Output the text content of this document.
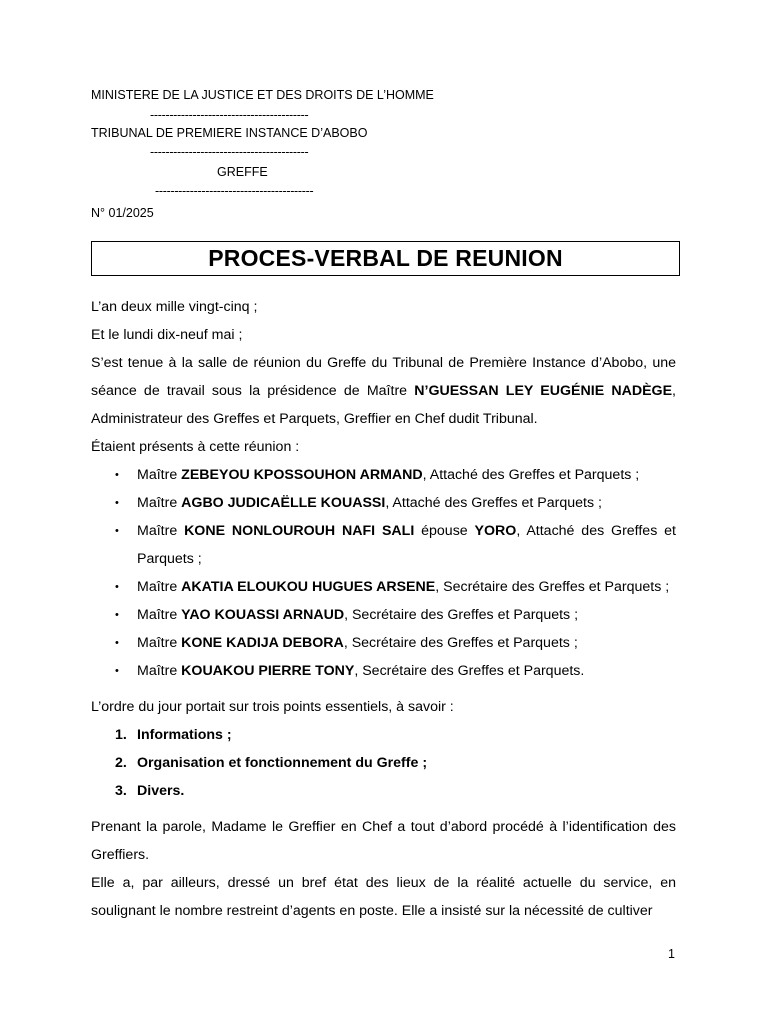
MINISTERE DE LA JUSTICE ET DES DROITS DE L’HOMME
-----------------------------------------
TRIBUNAL DE PREMIERE INSTANCE D’ABOBO
-----------------------------------------
GREFFE
-----------------------------------------
N° 01/2025
PROCES-VERBAL DE REUNION

L’an deux mille vingt-cinq ;

Et le lundi dix-neuf mai ;

S’est tenue à la salle de réunion du Greffe du Tribunal de Première Instance d’Abobo, une séance de travail sous la présidence de Maître N’GUESSAN LEY EUGÉNIE NADÈGE, Administrateur des Greffes et Parquets, Greffier en Chef dudit Tribunal.

Étaient présents à cette réunion :

• Maître ZEBEYOU KPOSSOUHON ARMAND, Attaché des Greffes et Parquets ;
• Maître AGBO JUDICAËLLE KOUASSI, Attaché des Greffes et Parquets ;
• Maître KONE NONLOUROUH NAFI SALI épouse YORO, Attaché des Greffes et Parquets ;
• Maître AKATIA ELOUKOU HUGUES ARSENE, Secrétaire des Greffes et Parquets ;
• Maître YAO KOUASSI ARNAUD, Secrétaire des Greffes et Parquets ;
• Maître KONE KADIJA DEBORA, Secrétaire des Greffes et Parquets ;
• Maître KOUAKOU PIERRE TONY, Secrétaire des Greffes et Parquets.

L’ordre du jour portait sur trois points essentiels, à savoir :

1. Informations ;
2. Organisation et fonctionnement du Greffe ;
3. Divers.

Prenant la parole, Madame le Greffier en Chef a tout d’abord procédé à l’identification des Greffiers.

Elle a, par ailleurs, dressé un bref état des lieux de la réalité actuelle du service, en soulignant le nombre restreint d’agents en poste. Elle a insisté sur la nécessité de cultiver

1
